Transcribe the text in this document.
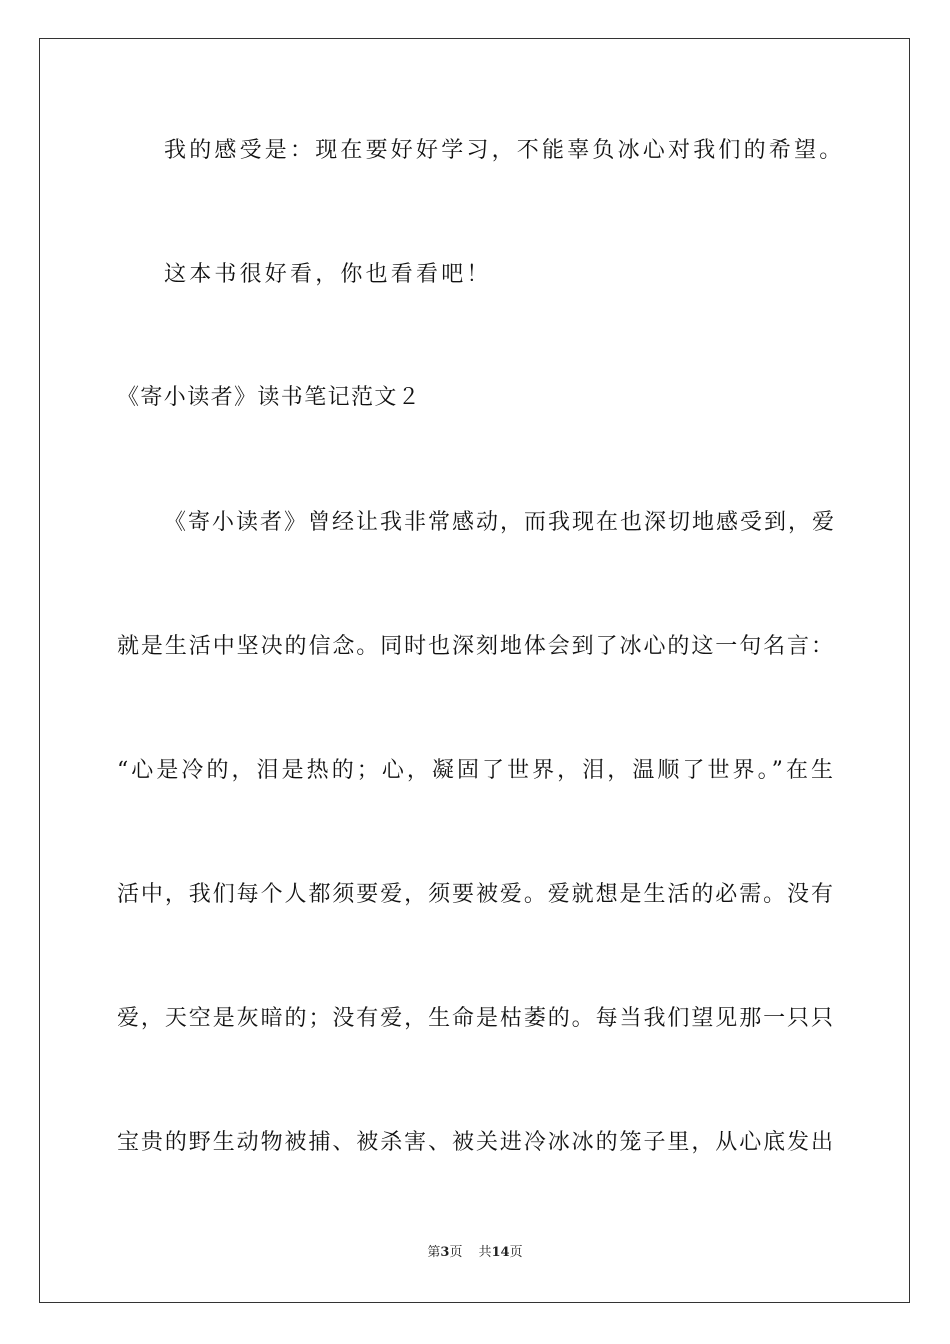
我的感受是：现在要好好学习，不能辜负冰心对我们的希望。
这本书很好看，你也看看吧！
《寄小读者》读书笔记范文２
《寄小读者》曾经让我非常感动，而我现在也深切地感受到，爱
就是生活中坚决的信念。同时也深刻地体会到了冰心的这一句名言：
“心是冷的，泪是热的；心，凝固了世界，泪，温顺了世界。”在生
活中，我们每个人都须要爱，须要被爱。爱就想是生活的必需。没有
爱，天空是灰暗的；没有爱，生命是枯萎的。每当我们望见那一只只
宝贵的野生动物被捕、被杀害、被关进冷冰冰的笼子里，从心底发出
第3页 共14页
